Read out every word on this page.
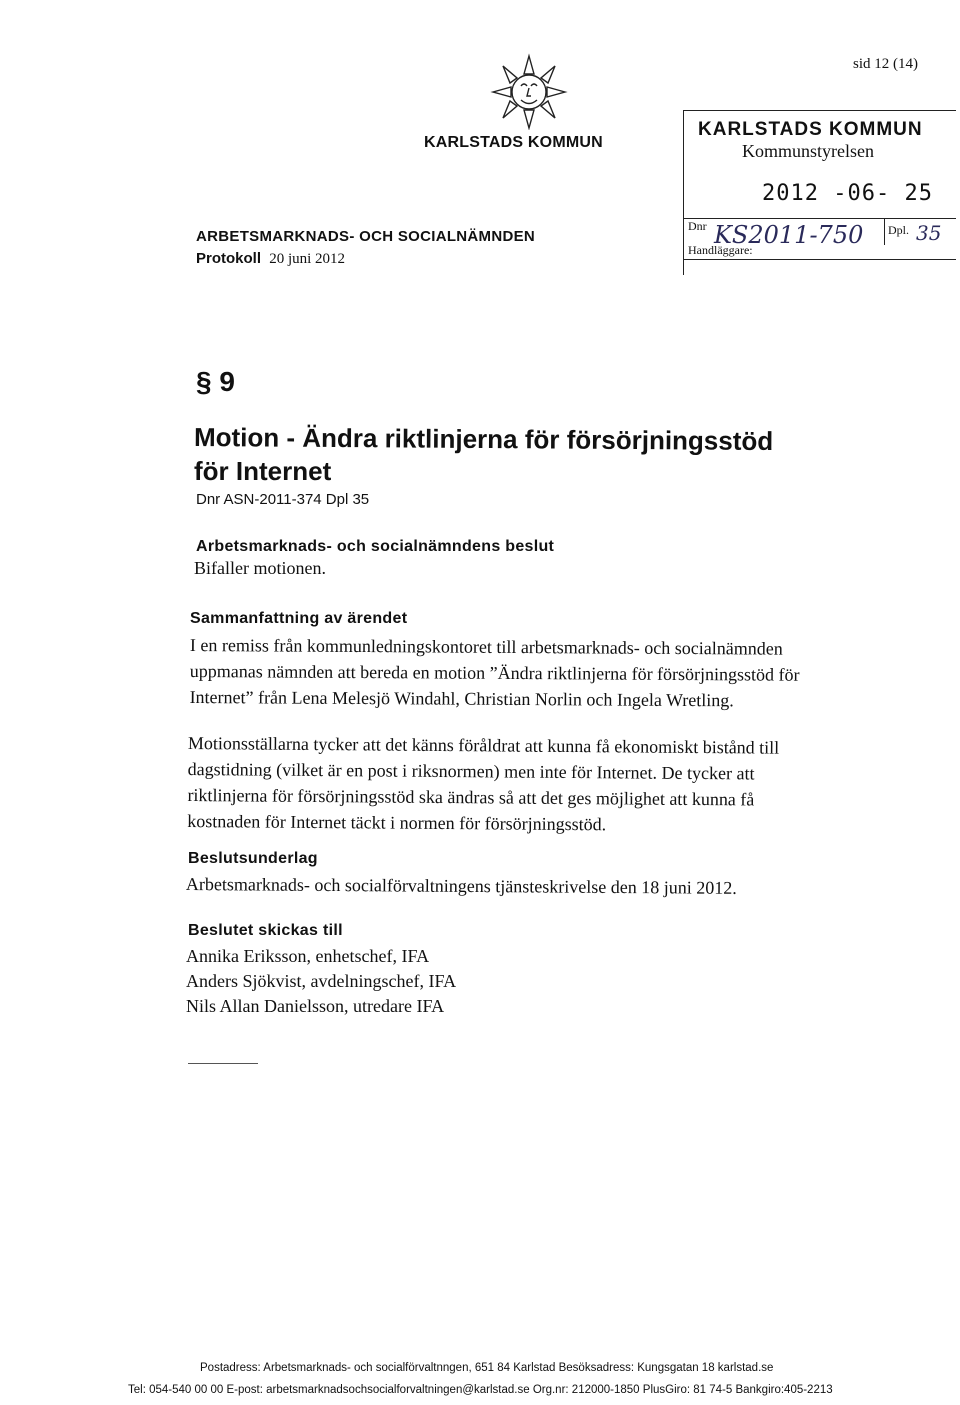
sid 12 (14)
KARLSTADS KOMMUN
ARBETSMARKNADS- OCH SOCIALNÄMNDEN
Protokoll 20 juni 2012
KARLSTADS KOMMUN
Kommunstyrelsen
2012 -06- 25
Dnr KS2011-750 Dpl. 35
Handläggare:
§ 9
Motion - Ändra riktlinjerna för försörjningsstöd
för Internet
Dnr ASN-2011-374 Dpl 35
Arbetsmarknads- och socialnämndens beslut
Bifaller motionen.
Sammanfattning av ärendet
I en remiss från kommunledningskontoret till arbetsmarknads- och socialnämnden uppmanas nämnden att bereda en motion ”Ändra riktlinjerna för försörjningsstöd för Internet” från Lena Melesjö Windahl, Christian Norlin och Ingela Wretling.
Motionsställarna tycker att det känns föråldrat att kunna få ekonomiskt bistånd till dagstidning (vilket är en post i riksnormen) men inte för Internet. De tycker att riktlinjerna för försörjningsstöd ska ändras så att det ges möjlighet att kunna få kostnaden för Internet täckt i normen för försörjningsstöd.
Beslutsunderlag
Arbetsmarknads- och socialförvaltningens tjänsteskrivelse den 18 juni 2012.
Beslutet skickas till
Annika Eriksson, enhetschef, IFA
Anders Sjökvist, avdelningschef, IFA
Nils Allan Danielsson, utredare IFA
Postadress: Arbetsmarknads- och socialförvaltnngen, 651 84 Karlstad Besöksadress: Kungsgatan 18 karlstad.se
Tel: 054-540 00 00 E-post: arbetsmarknadsochsocialforvaltningen@karlstad.se Org.nr: 212000-1850 PlusGiro: 81 74-5 Bankgiro:405-2213
